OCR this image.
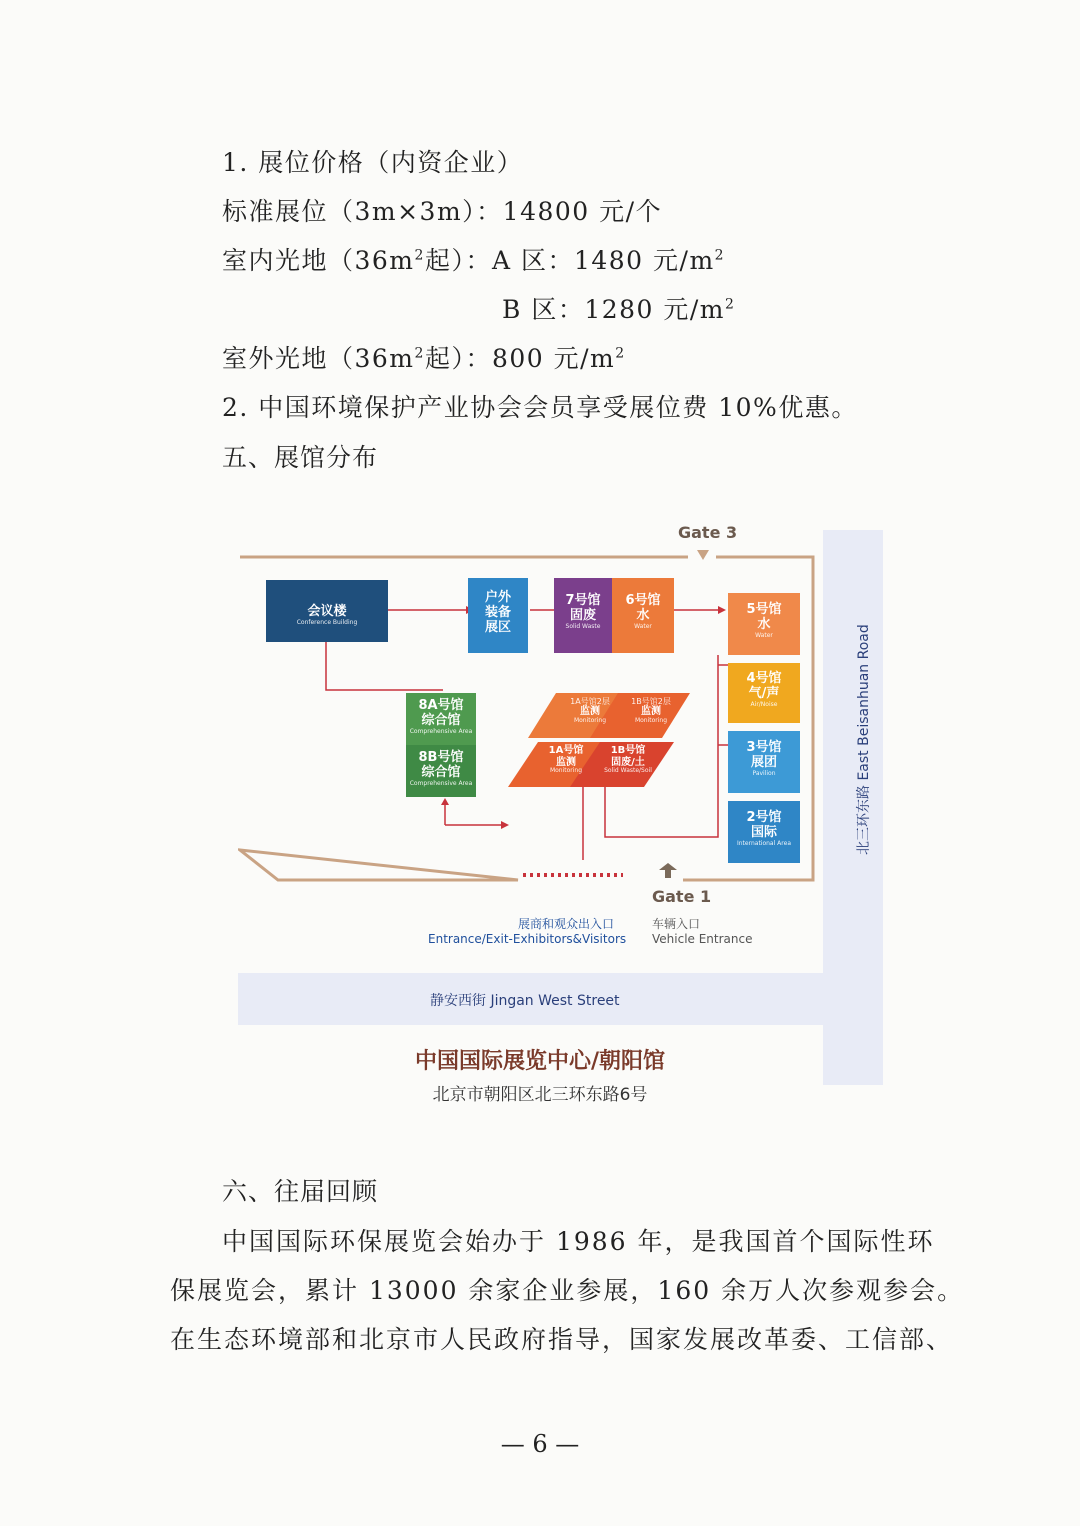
1. 展位价格（内资企业）
标准展位（3m×3m）：14800 元/个
室内光地（$36m^2$起）：A 区：1480 元$/m^2$
B 区：1280 元$/m^2$
室外光地（$36m^2$起）：800 元$/m^2$
2. 中国环境保护产业协会会员享受展位费 10%优惠。
五、展馆分布
Gate 3
会议楼
Conference Building
户外
装备
展区
7号馆
固废
Solid Waste
6号馆
水
Water
5号馆
水
Water
4号馆
气/声
Air/Noise
3号馆
展团
Pavilion
2号馆
国际
International Area
8A号馆
综合馆
Comprehensive Area
8B号馆
综合馆
Comprehensive Area
1A号馆2层
监测
Monitoring
1B号馆2层
监测
Monitoring
1A号馆
监测
Monitoring
1B号馆
固废/土
Solid Waste/Soil
Gate 1
展商和观众出入口
Entrance/Exit-Exhibitors&Visitors
车辆入口
Vehicle Entrance
静安西街 Jingan West Street
北三环东路 East Beisanhuan Road
中国国际展览中心/朝阳馆
北京市朝阳区北三环东路6号
六、往届回顾
中国国际环保展览会始办于 1986 年，是我国首个国际性环
保展览会，累计 13000 余家企业参展，160 余万人次参观参会。
在生态环境部和北京市人民政府指导，国家发展改革委、工信部、
— 6 —
